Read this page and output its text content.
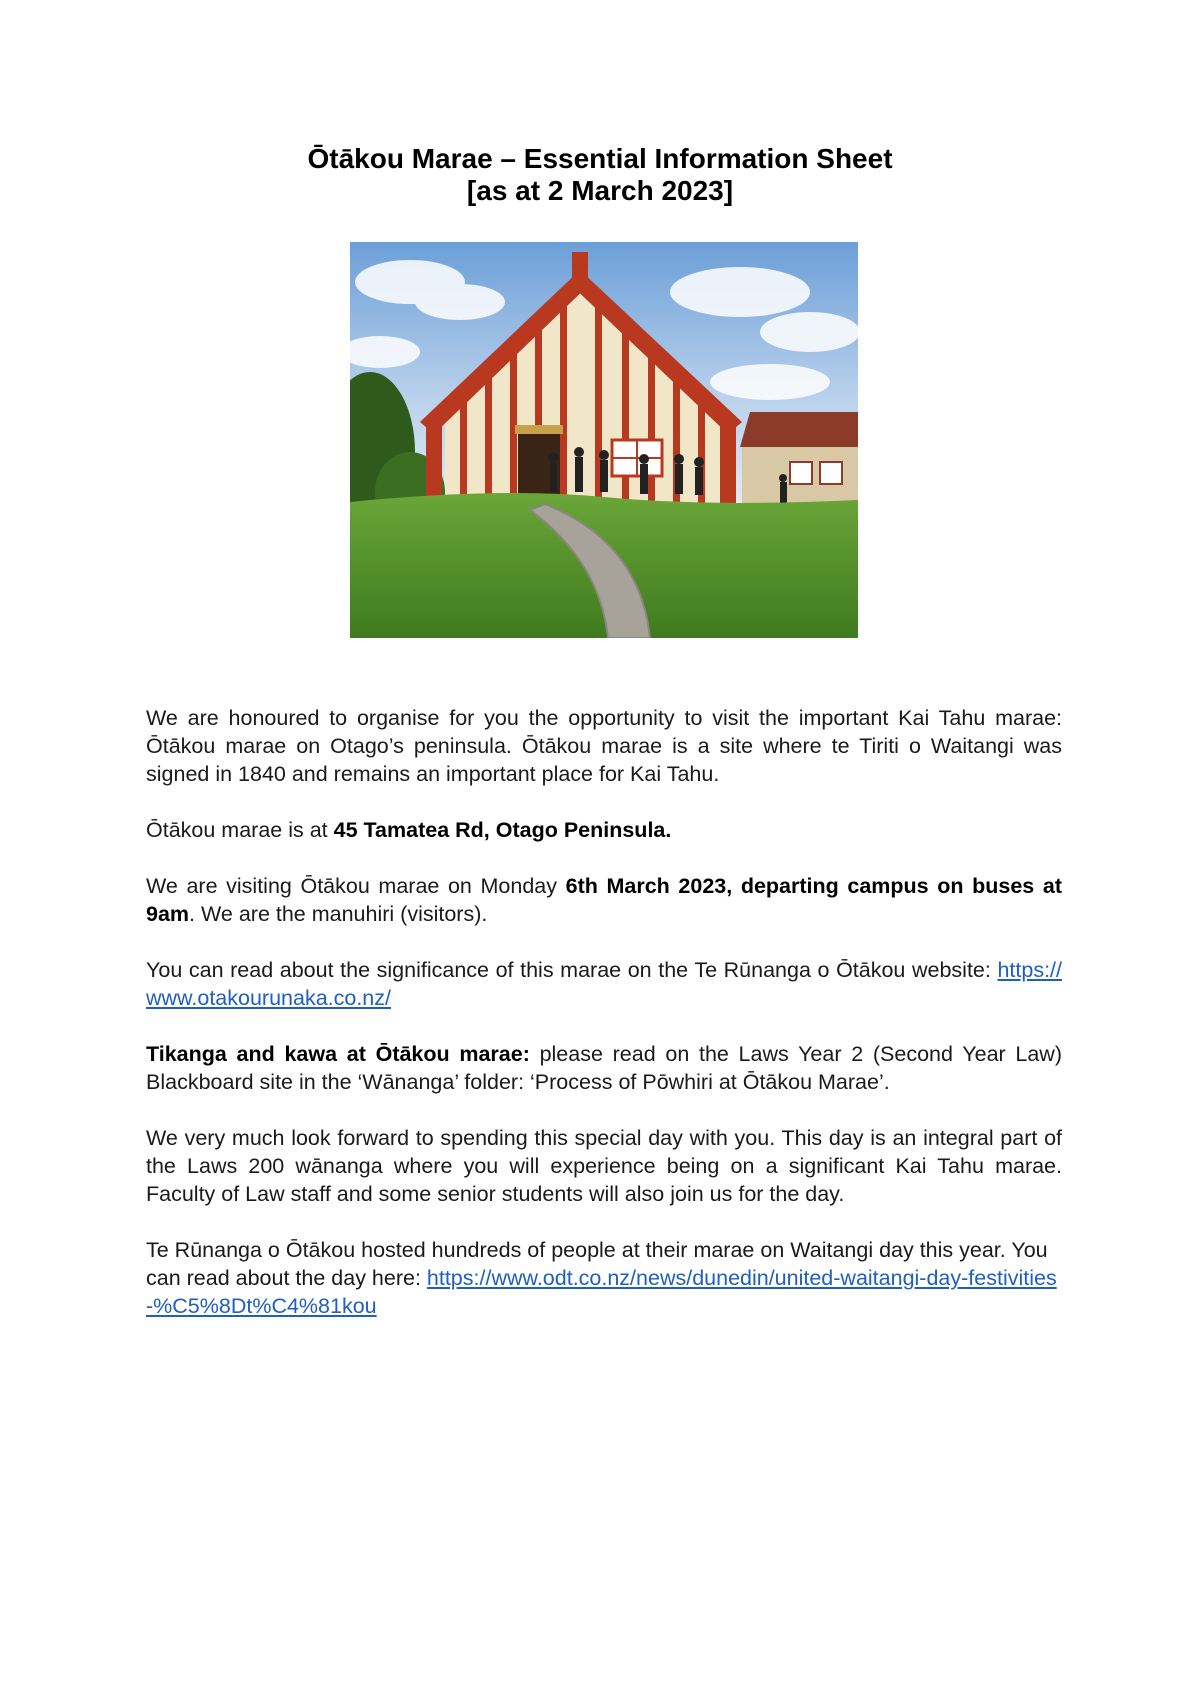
Ōtākou Marae – Essential Information Sheet
[as at 2 March 2023]

We are honoured to organise for you the opportunity to visit the important Kai Tahu marae: Ōtākou marae on Otago’s peninsula. Ōtākou marae is a site where te Tiriti o Waitangi was signed in 1840 and remains an important place for Kai Tahu.

Ōtākou marae is at 45 Tamatea Rd, Otago Peninsula.

We are visiting Ōtākou marae on Monday 6th March 2023, departing campus on buses at 9am. We are the manuhiri (visitors).

You can read about the significance of this marae on the Te Rūnanga o Ōtākou website: https://www.otakourunaka.co.nz/

Tikanga and kawa at Ōtākou marae: please read on the Laws Year 2 (Second Year Law) Blackboard site in the ‘Wānanga’ folder: ‘Process of Pōwhiri at Ōtākou Marae’.

We very much look forward to spending this special day with you. This day is an integral part of the Laws 200 wānanga where you will experience being on a significant Kai Tahu marae. Faculty of Law staff and some senior students will also join us for the day.

Te Rūnanga o Ōtākou hosted hundreds of people at their marae on Waitangi day this year. You can read about the day here: https://www.odt.co.nz/news/dunedin/united-waitangi-day-festivities-%C5%8Dt%C4%81kou
